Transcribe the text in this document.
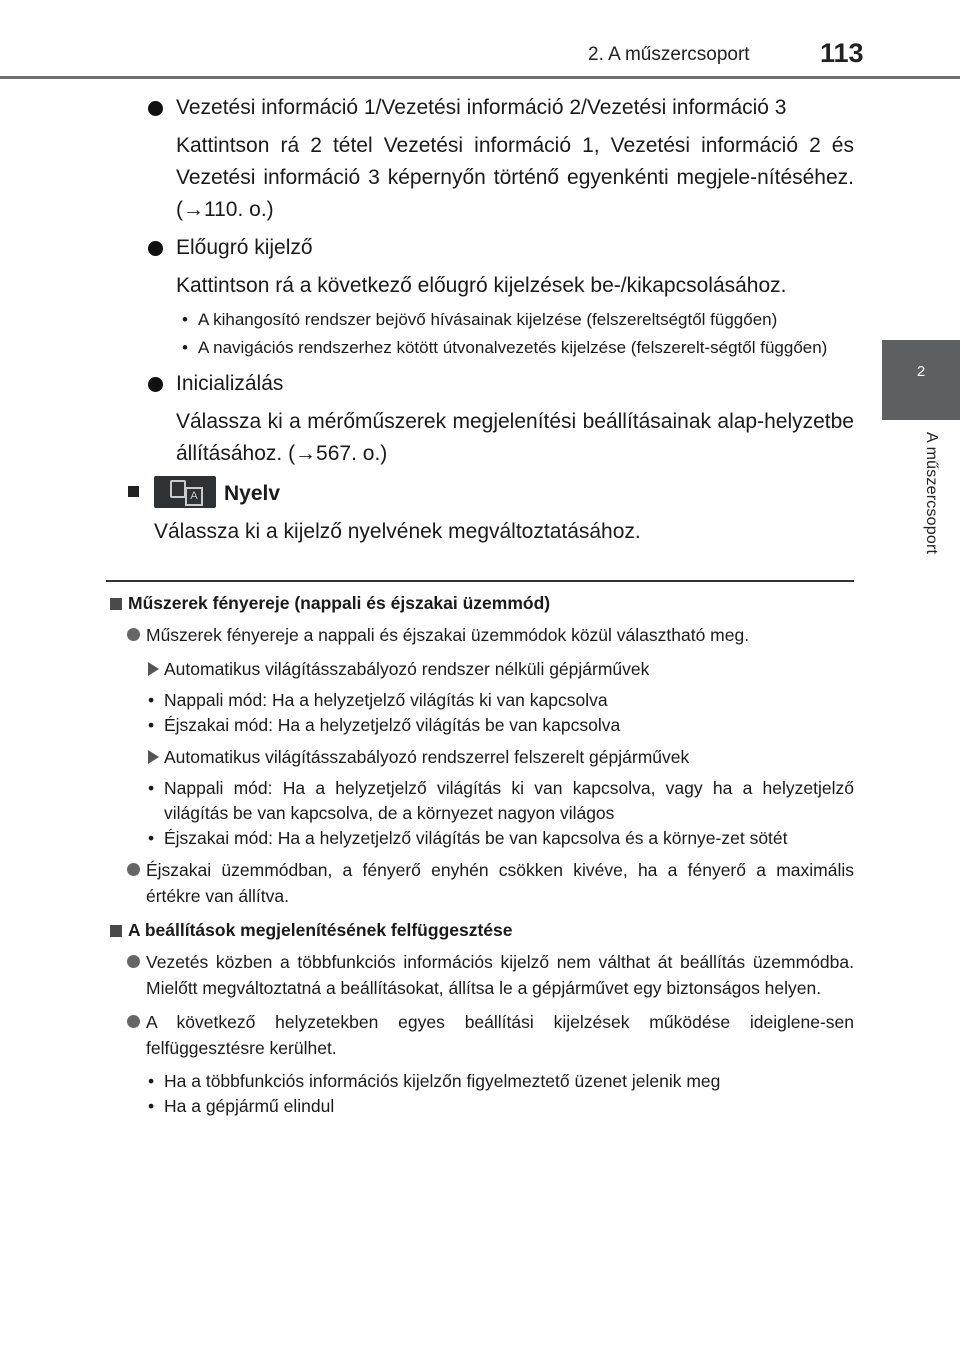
2. A műszercsoport	113
2
A műszercsoport
Vezetési információ 1/Vezetési információ 2/Vezetési információ 3
Kattintson rá 2 tétel Vezetési információ 1, Vezetési információ 2 és Vezetési információ 3 képernyőn történő egyenkénti megjele-nítéséhez. (→110. o.)
Előugró kijelző
Kattintson rá a következő előugró kijelzések be-/kikapcsolásához.
• A kihangosító rendszer bejövő hívásainak kijelzése (felszereltségtől függően)
• A navigációs rendszerhez kötött útvonalvezetés kijelzése (felszerelt-ségtől függően)
Inicializálás
Válassza ki a mérőműszerek megjelenítési beállításainak alap-helyzetbe állításához. (→567. o.)
A Nyelv
Válassza ki a kijelző nyelvének megváltoztatásához.
Műszerek fényereje (nappali és éjszakai üzemmód)
Műszerek fényereje a nappali és éjszakai üzemmódok közül választható meg.
Automatikus világításszabályozó rendszer nélküli gépjárművek
• Nappali mód: Ha a helyzetjelző világítás ki van kapcsolva
• Éjszakai mód: Ha a helyzetjelző világítás be van kapcsolva
Automatikus világításszabályozó rendszerrel felszerelt gépjárművek
• Nappali mód: Ha a helyzetjelző világítás ki van kapcsolva, vagy ha a helyzetjelző világítás be van kapcsolva, de a környezet nagyon világos
• Éjszakai mód: Ha a helyzetjelző világítás be van kapcsolva és a környe-zet sötét
Éjszakai üzemmódban, a fényerő enyhén csökken kivéve, ha a fényerő a maximális értékre van állítva.
A beállítások megjelenítésének felfüggesztése
Vezetés közben a többfunkciós információs kijelző nem válthat át beállítás üzemmódba. Mielőtt megváltoztatná a beállításokat, állítsa le a gépjárművet egy biztonságos helyen.
A következő helyzetekben egyes beállítási kijelzések működése ideiglene-sen felfüggesztésre kerülhet.
• Ha a többfunkciós információs kijelzőn figyelmeztető üzenet jelenik meg
• Ha a gépjármű elindul
